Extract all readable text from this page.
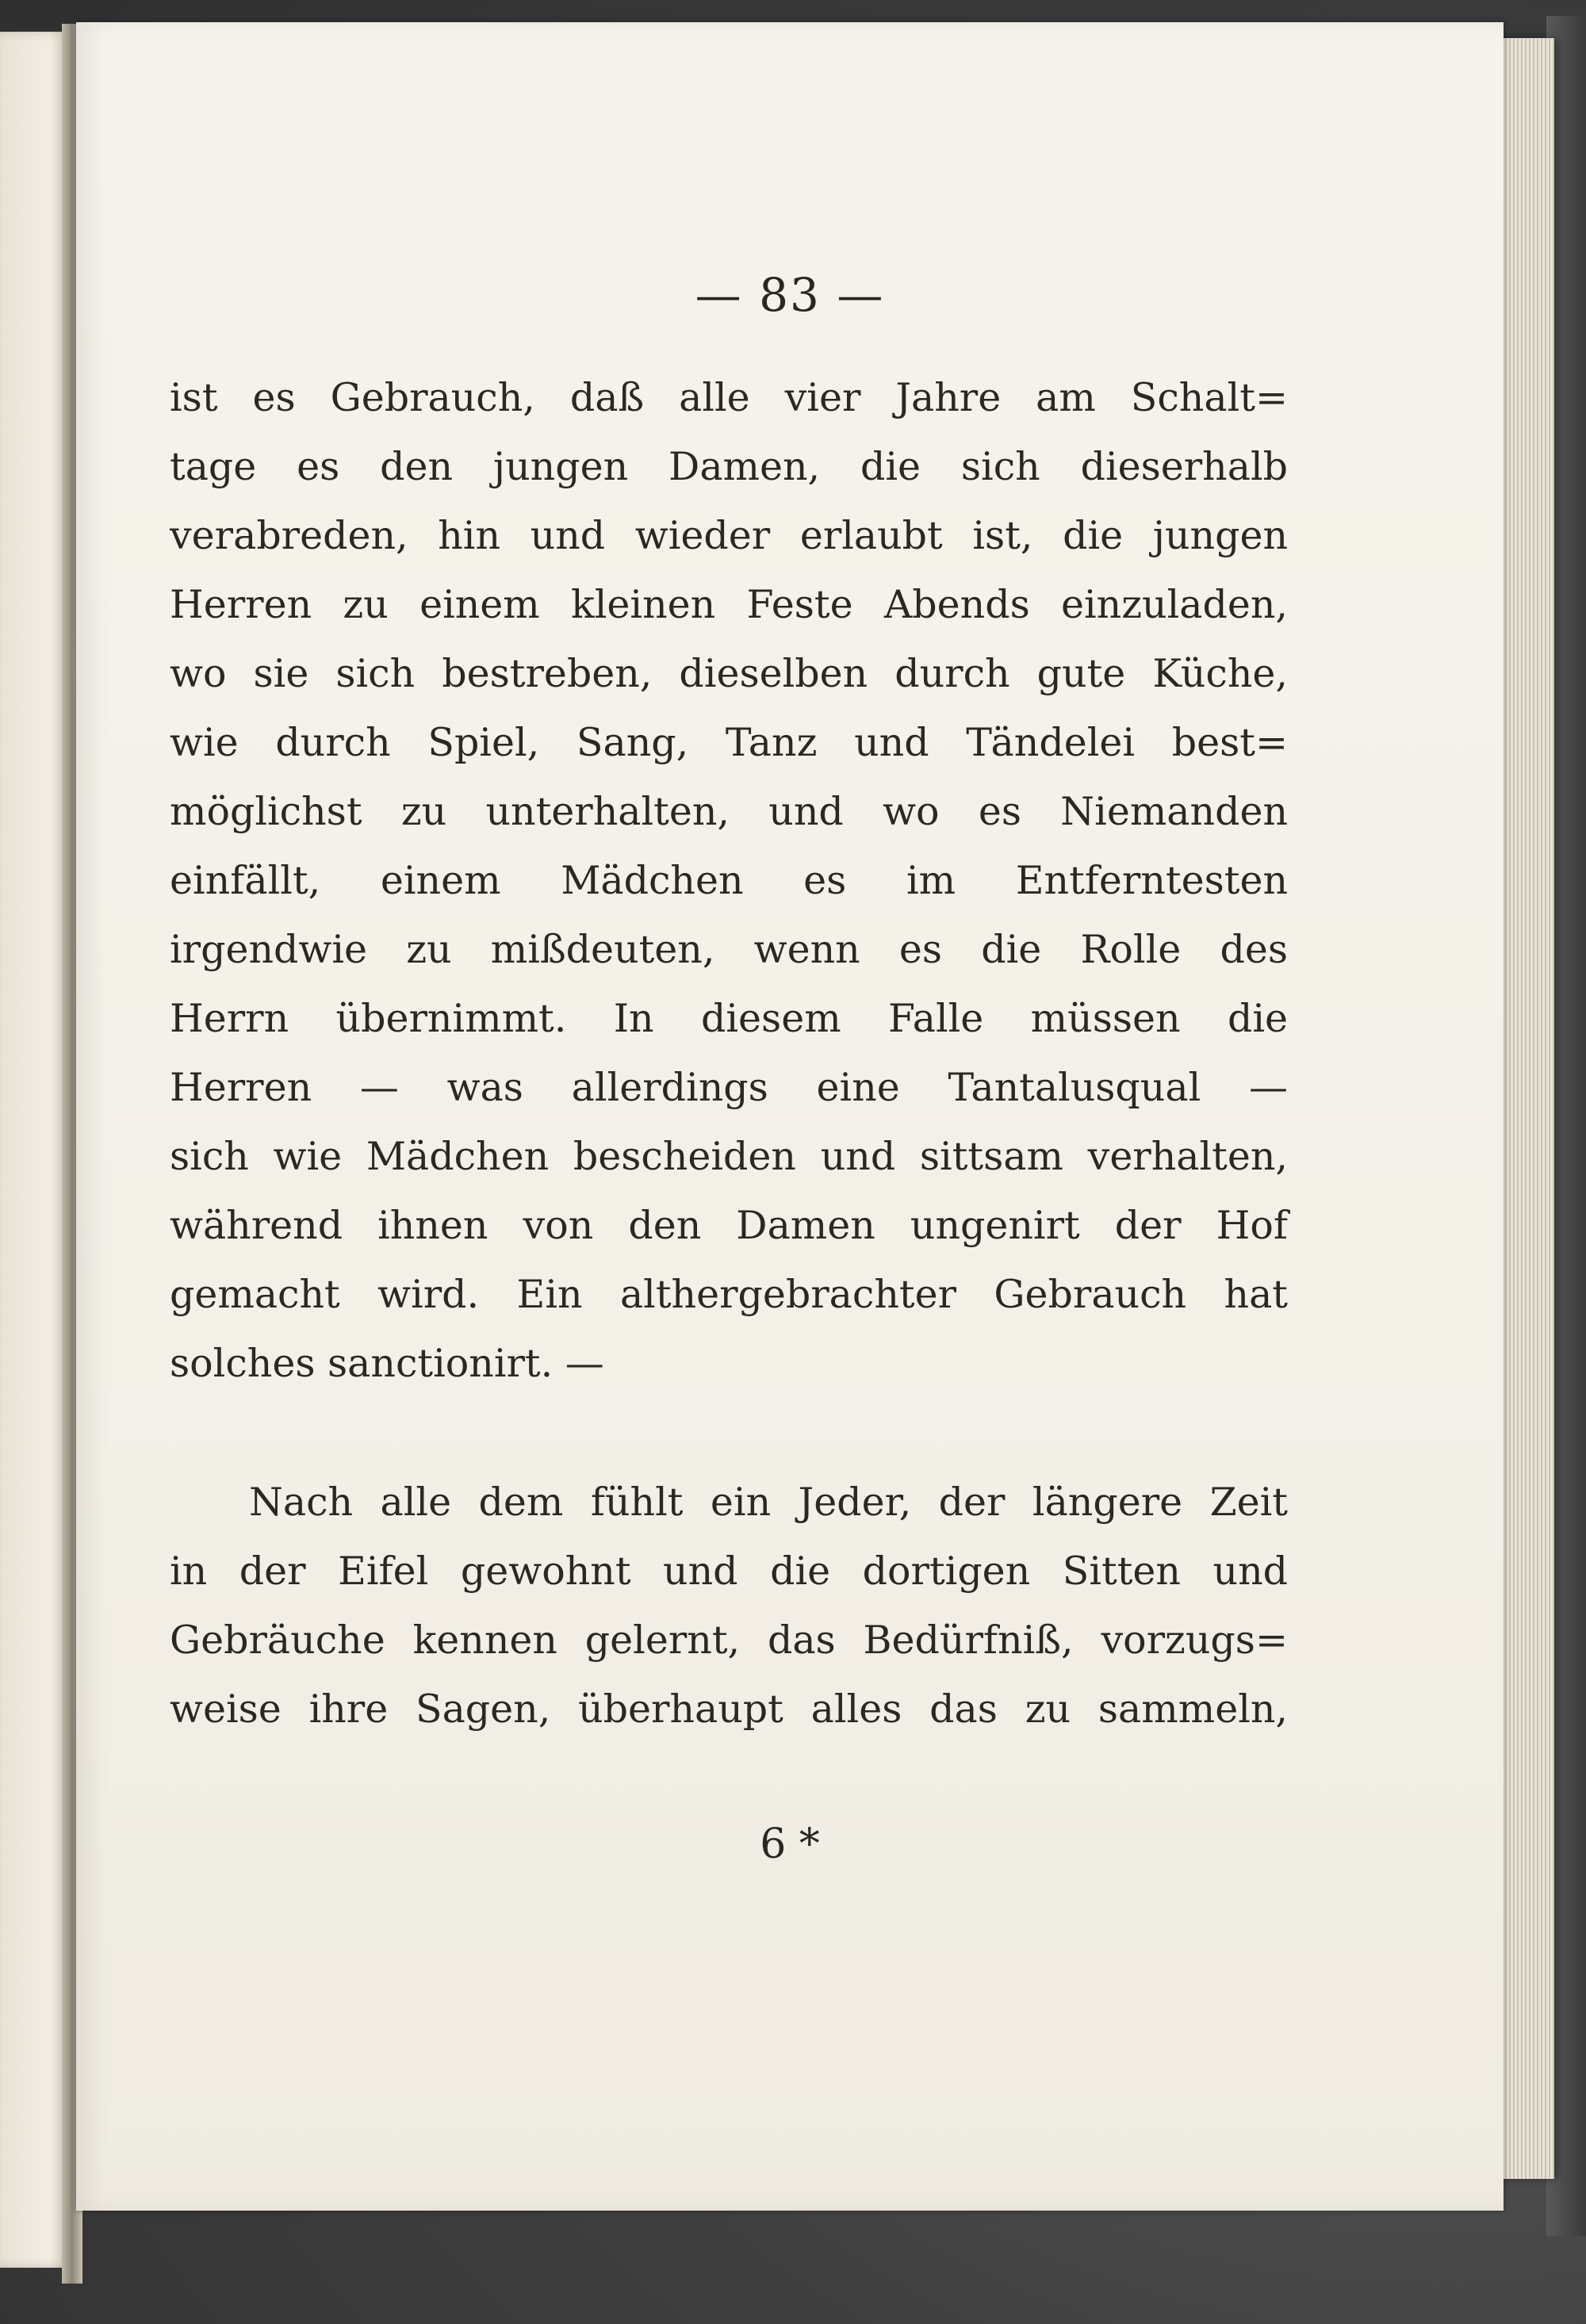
— 83 —
ist es Gebrauch, daß alle vier Jahre am Schalt=
tage es den jungen Damen, die sich dieserhalb
verabreden, hin und wieder erlaubt ist, die jungen
Herren zu einem kleinen Feste Abends einzuladen,
wo sie sich bestreben, dieselben durch gute Küche,
wie durch Spiel, Sang, Tanz und Tändelei best=
möglichst zu unterhalten, und wo es Niemanden
einfällt, einem Mädchen es im Entferntesten
irgendwie zu mißdeuten, wenn es die Rolle des
Herrn übernimmt. In diesem Falle müssen die
Herren — was allerdings eine Tantalusqual —
sich wie Mädchen bescheiden und sittsam verhalten,
während ihnen von den Damen ungenirt der Hof
gemacht wird. Ein althergebrachter Gebrauch hat
solches sanctionirt. —
Nach alle dem fühlt ein Jeder, der längere Zeit
in der Eifel gewohnt und die dortigen Sitten und
Gebräuche kennen gelernt, das Bedürfniß, vorzugs=
weise ihre Sagen, überhaupt alles das zu sammeln,
6 *
